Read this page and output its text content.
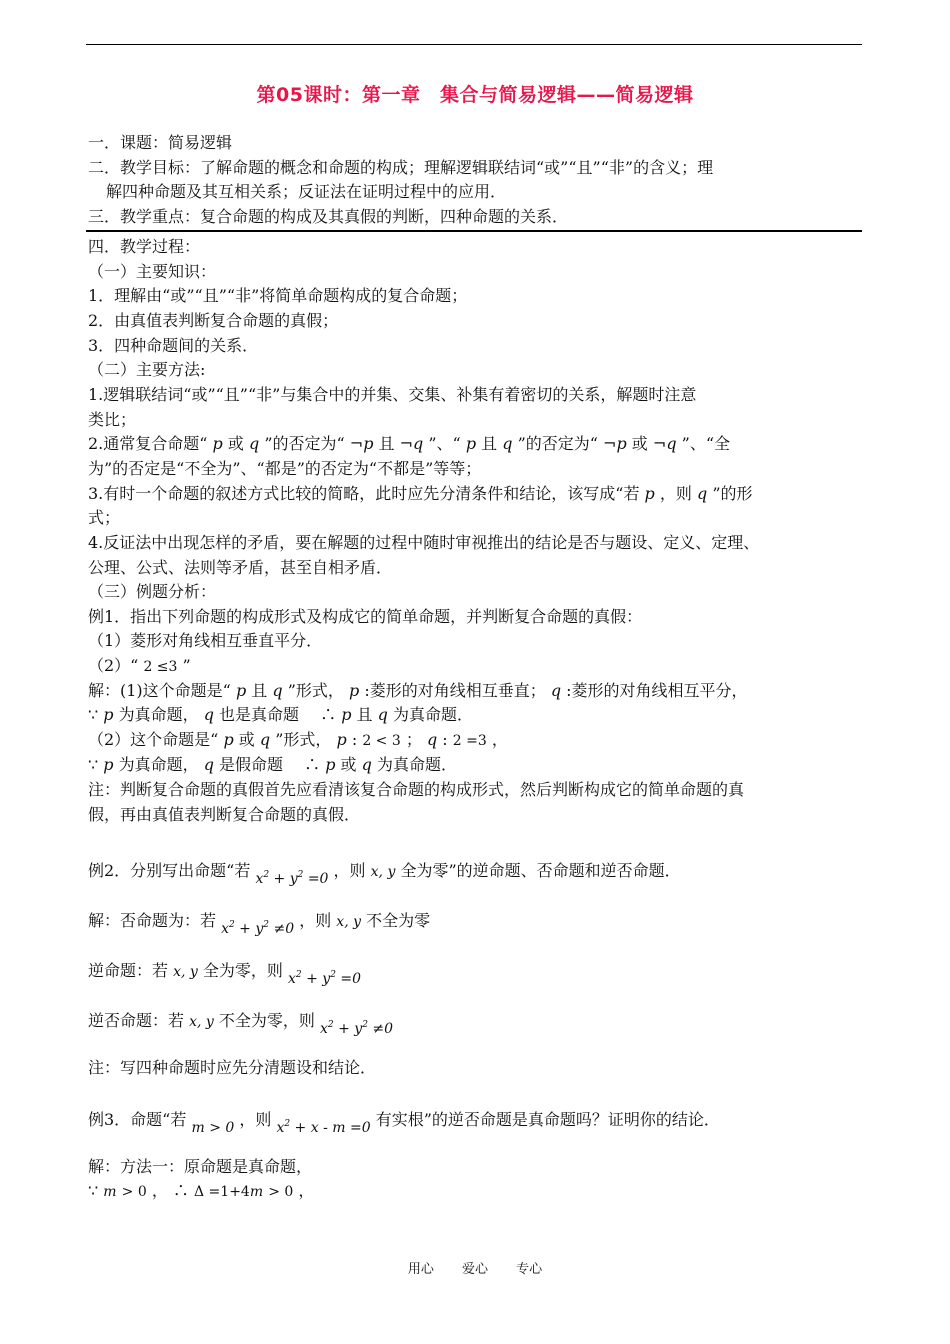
第05课时：第一章　集合与简易逻辑——简易逻辑
一．课题：简易逻辑
二．教学目标：了解命题的概念和命题的构成；理解逻辑联结词“或”“且”“非”的含义；理
解四种命题及其互相关系；反证法在证明过程中的应用．
三．教学重点：复合命题的构成及其真假的判断，四种命题的关系．
四．教学过程：
（一）主要知识：
1．理解由“或”“且”“非”将简单命题构成的复合命题；
2．由真值表判断复合命题的真假；
3．四种命题间的关系．
（二）主要方法:
1.逻辑联结词“或”“且”“非”与集合中的并集、交集、补集有着密切的关系，解题时注意
类比；
2.通常复合命题“ p 或 q ”的否定为“ ¬p 且 ¬q ”、“ p 且 q ”的否定为“ ¬p 或 ¬q ”、“全
为”的否定是“不全为”、“都是”的否定为“不都是”等等；
3.有时一个命题的叙述方式比较的简略，此时应先分清条件和结论，该写成“若 p ，则 q ”的形
式；
4.反证法中出现怎样的矛盾，要在解题的过程中随时审视推出的结论是否与题设、定义、定理、
公理、公式、法则等矛盾，甚至自相矛盾．
（三）例题分析：
例1．指出下列命题的构成形式及构成它的简单命题，并判断复合命题的真假：
（1）菱形对角线相互垂直平分．
（2）“ 2 ≤3 ”
解：(1)这个命题是“ p 且 q ”形式， p :菱形的对角线相互垂直； q :菱形的对角线相互平分，
∵ p 为真命题， q 也是真命题　 ∴ p 且 q 为真命题．
（2）这个命题是“ p 或 q ”形式， p : 2 < 3 ； q : 2 =3 ，
∵ p 为真命题， q 是假命题　 ∴ p 或 q 为真命题．
注：判断复合命题的真假首先应看清该复合命题的构成形式，然后判断构成它的简单命题的真
假，再由真值表判断复合命题的真假．
例2．分别写出命题“若 $x^2 + y^2 =0$ ，则 x, y 全为零”的逆命题、否命题和逆否命题．
解：否命题为：若 $x^2 + y^2 \ne 0$ ，则 x, y 不全为零
逆命题：若 x, y 全为零，则 $x^2 + y^2 =0$
逆否命题：若 x, y 不全为零，则 $x^2 + y^2 \ne 0$
注：写四种命题时应先分清题设和结论．
例3．命题“若 m > 0 ，则 $x^2 + x - m =0$ 有实根”的逆否命题是真命题吗？证明你的结论．
解：方法一：原命题是真命题，
∵ m > 0 ， ∴ Δ =1+4m > 0 ，
用心 爱心 专心
